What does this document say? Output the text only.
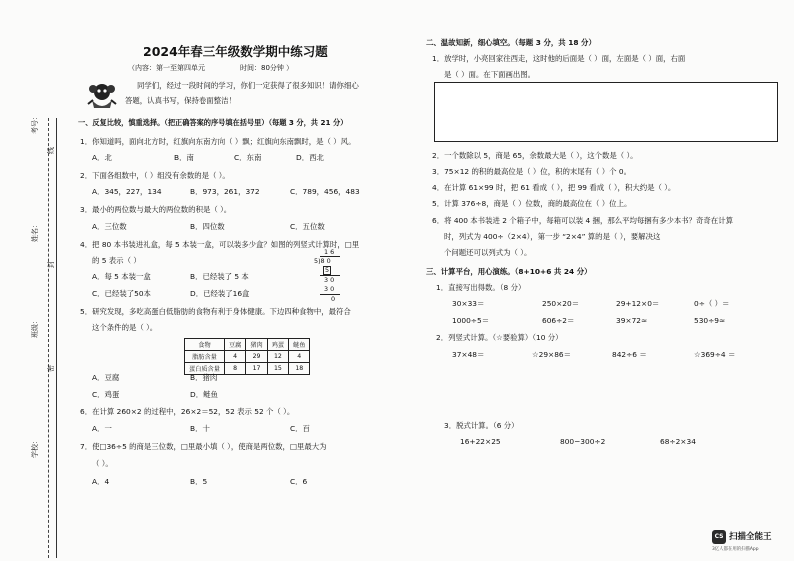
考号：
线
姓名：
封
班级：
密
学校：
2024年春三年级数学期中练习题
（内容：第一至第四单元	时间：80分钟 ）
同学们，经过一段时间的学习，你们一定获得了很多知识！请你细心
答题，认真书写，保持卷面整洁！
一、反复比较，慎重选择。（把正确答案的序号填在括号里）（每题 3 分，共 21 分）
1．你知道吗，面向北方时，红旗向东南方向（ ）飘；红旗向东南飘时，是（ ）风。
A．北	B．南	C．东南	D．西北
2．下面各组数中，（ ）组没有余数的是（ ）。
A．345，227，134	B．973，261，372	C．789，456，483
3．最小的两位数与最大的两位数的积是（ ）。
A．三位数	B．四位数	C．五位数
4．把 80 本书装进礼盒，每 5 本装一盒，可以装多少盒？如图的列竖式计算时，□里
的 5 表示（ ）
A．每 5 本装一盒	B．已经装了 5 本
C．已经装了50本	D．已经装了16盒
1 6
5)8 0
5
3 0
3 0
0
5．研究发现，多吃高蛋白低脂肪的食物有利于身体健康。下边四种食物中，最符合
这个条件的是（ ）。
食物	豆腐	猪肉	鸡蛋	鲢鱼
脂肪含量	4	29	12	4
蛋白质含量	8	17	15	18
A．豆腐	B．猪肉
C．鸡蛋	D．鲢鱼
6．在计算 260×2 的过程中，26×2＝52，52 表示 52 个（ ）。
A．一	B．十	C．百
7．使□36÷5 的商是三位数，□里最小填（ ），使商是两位数，□里最大为
（ ）。
A．4	B．5	C．6
二、温故知新，细心填空。（每题 3 分，共 18 分）
1．放学时，小亮回家往西走，这时他的后面是（ ）面，左面是（ ）面，右面
是（ ）面。在下面画出图。
2．一个数除以 5，商是 65，余数最大是（ ），这个数是（ ）。
3．75×12 的积的最高位是（ ）位，积的末尾有（ ）个 0。
4．在计算 61×99 时，把 61 看成（ ），把 99 看成（ ），积大约是（ ）。
5．计算 376÷8，商是（ ）位数，商的最高位在（ ）位上。
6．将 400 本书装进 2 个箱子中，每箱可以装 4 捆，那么平均每捆有多少本书？奇奇在计算
时，列式为 400÷（2×4），第一步 “2×4” 算的是（ ），要解决这
个问题还可以列式为（ ）。
三、计算平台，用心演练。（8+10+6 共 24 分）
1．直接写出得数。（8 分）
30×33＝	250×20＝	29+12×0＝	0÷（ ）＝
1000÷5＝	606÷2＝	39×72≈	530÷9≈
2．列竖式计算。（☆要验算）（10 分）
37×48＝	☆29×86＝	842÷6 ＝	☆369÷4 ＝
3．脱式计算。（6 分）
16+22×25	800−300÷2	68÷2×34
CS 扫描全能王
3亿人都在用的扫描App
